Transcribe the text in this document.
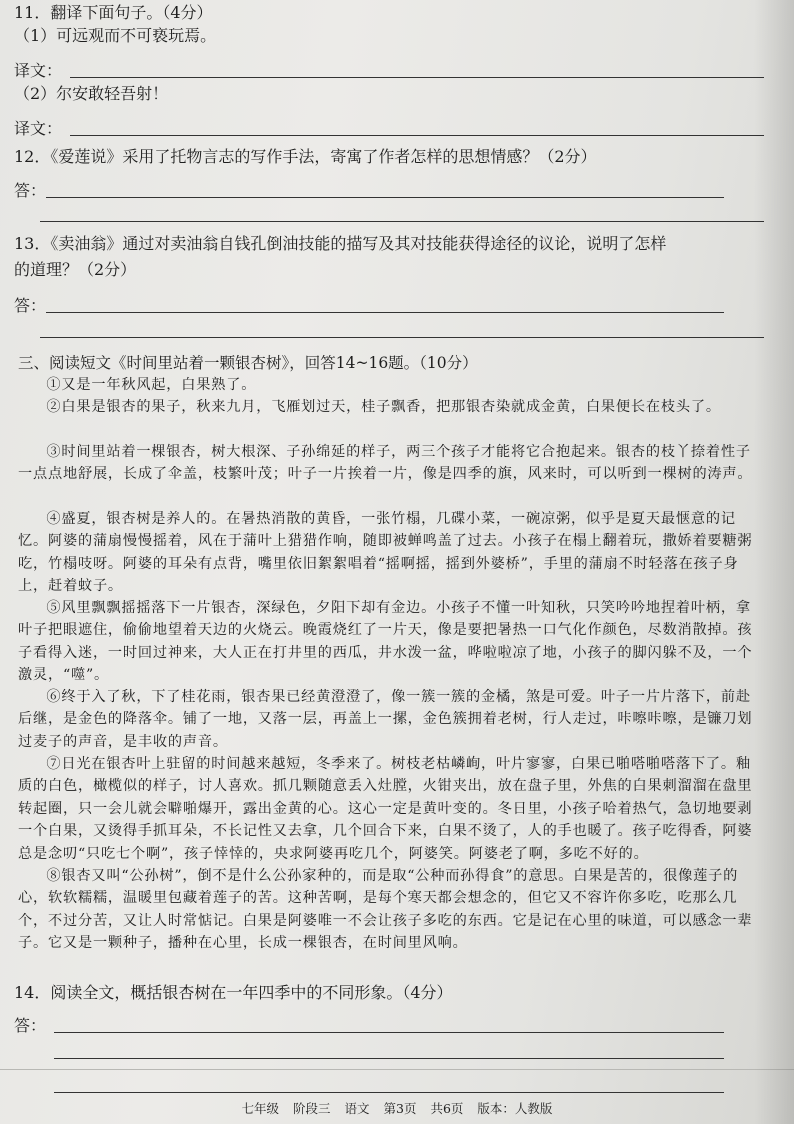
11．翻译下面句子。（4分）
（1）可远观而不可亵玩焉。
译文：
（2）尔安敢轻吾射！
译文：
12．《爱莲说》采用了托物言志的写作手法，寄寓了作者怎样的思想情感？（2分）
答：
13．《卖油翁》通过对卖油翁自钱孔倒油技能的描写及其对技能获得途径的议论，说明了怎样
的道理？（2分）
答：
三、阅读短文《时间里站着一颗银杏树》，回答14~16题。（10分）
①又是一年秋风起，白果熟了。
②白果是银杏的果子，秋来九月，飞雁划过天，桂子飘香，把那银杏染就成金黄，白果便长在枝头了。
③时间里站着一棵银杏，树大根深、子孙绵延的样子，两三个孩子才能将它合抱起来。银杏的枝丫捺着性子一点点地舒展，长成了伞盖，枝繁叶茂；叶子一片挨着一片，像是四季的旗，风来时，可以听到一棵树的涛声。
④盛夏，银杏树是养人的。在暑热消散的黄昏，一张竹榻，几碟小菜，一碗凉粥，似乎是夏天最惬意的记忆。阿婆的蒲扇慢慢摇着，风在于蒲叶上猎猎作响，随即被蝉鸣盖了过去。小孩子在榻上翻着玩，撒娇着要糖粥吃，竹榻吱呀。阿婆的耳朵有点背，嘴里依旧絮絮唱着“摇啊摇，摇到外婆桥”，手里的蒲扇不时轻落在孩子身上，赶着蚊子。
⑤风里飘飘摇摇落下一片银杏，深绿色，夕阳下却有金边。小孩子不懂一叶知秋，只笑吟吟地捏着叶柄，拿叶子把眼遮住，偷偷地望着天边的火烧云。晚霞烧红了一片天，像是要把暑热一口气化作颜色，尽数消散掉。孩子看得入迷，一时回过神来，大人正在打井里的西瓜，井水泼一盆，哗啦啦凉了地，小孩子的脚闪躲不及，一个激灵，“噬”。
⑥终于入了秋，下了桂花雨，银杏果已经黄澄澄了，像一簇一簇的金橘，煞是可爱。叶子一片片落下，前赴后继，是金色的降落伞。铺了一地，又落一层，再盖上一摞，金色簇拥着老树，行人走过，咔嚓咔嚓，是镰刀划过麦子的声音，是丰收的声音。
⑦日光在银杏叶上驻留的时间越来越短，冬季来了。树枝老枯嶙峋，叶片寥寥，白果已啪嗒啪嗒落下了。釉质的白色，橄榄似的样子，讨人喜欢。抓几颗随意丢入灶膛，火钳夹出，放在盘子里，外焦的白果刺溜溜在盘里转起圈，只一会儿就会噼啪爆开，露出金黄的心。这心一定是黄叶变的。冬日里，小孩子哈着热气，急切地要剥一个白果，又烫得手抓耳朵，不长记性又去拿，几个回合下来，白果不烫了，人的手也暖了。孩子吃得香，阿婆总是念叨“只吃七个啊”，孩子悻悻的，央求阿婆再吃几个，阿婆笑。阿婆老了啊，多吃不好的。
⑧银杏又叫“公孙树”，倒不是什么公孙家种的，而是取“公种而孙得食”的意思。白果是苦的，很像莲子的心，软软糯糯，温暖里包藏着莲子的苦。这种苦啊，是每个寒天都会想念的，但它又不容许你多吃，吃那么几个，不过分苦，又让人时常惦记。白果是阿婆唯一不会让孩子多吃的东西。它是记在心里的味道，可以感念一辈子。它又是一颗种子，播种在心里，长成一棵银杏，在时间里风响。
14．阅读全文，概括银杏树在一年四季中的不同形象。（4分）
答：
七年级 阶段三 语文 第3页 共6页 版本：人教版
